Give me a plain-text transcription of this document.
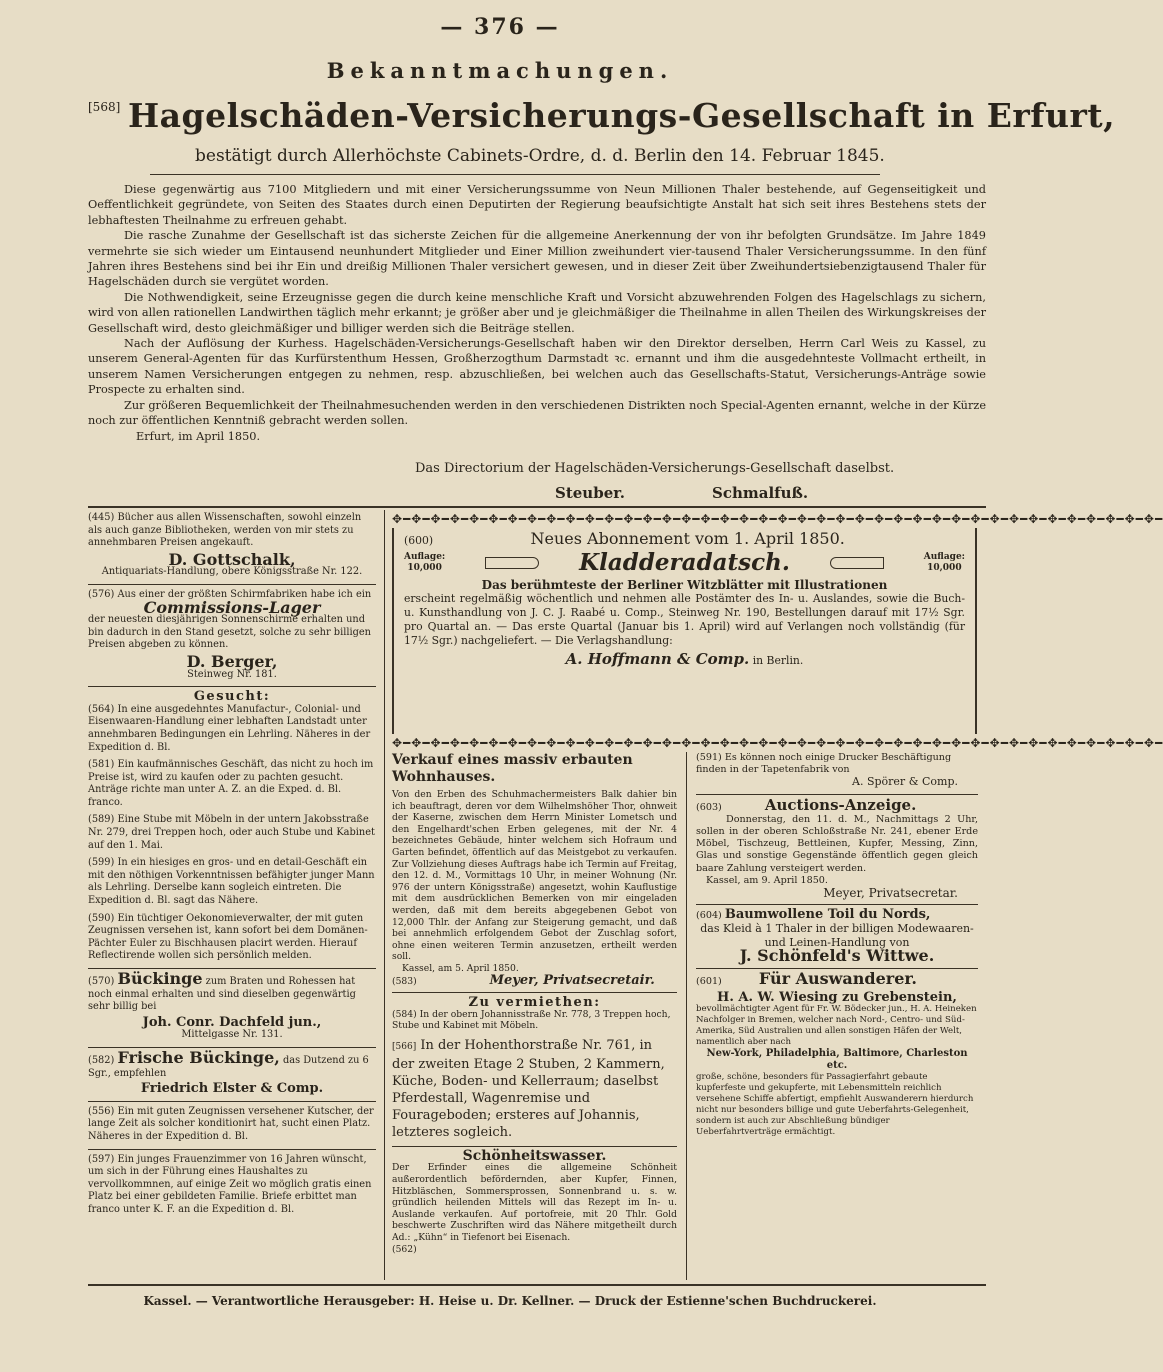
— 376 —
Bekanntmachungen.
[568] Hagelschäden-Versicherungs-Gesellschaft in Erfurt,
bestätigt durch Allerhöchste Cabinets-Ordre, d. d. Berlin den 14. Februar 1845.

Diese gegenwärtig aus 7100 Mitgliedern und mit einer Versicherungssumme von Neun Millionen Thaler bestehende, auf Gegenseitigkeit und Oeffentlichkeit gegründete, von Seiten des Staates durch einen Deputirten der Regierung beaufsichtigte Anstalt hat sich seit ihres Bestehens stets der lebhaftesten Theilnahme zu erfreuen gehabt.

Die rasche Zunahme der Gesellschaft ist das sicherste Zeichen für die allgemeine Anerkennung der von ihr befolgten Grundsätze. Im Jahre 1849 vermehrte sie sich wieder um Eintausend neunhundert Mitglieder und Einer Million zweihundert vier-tausend Thaler Versicherungssumme. In den fünf Jahren ihres Bestehens sind bei ihr Ein und dreißig Millionen Thaler versichert gewesen, und in dieser Zeit über Zweihundertsiebenzigtausend Thaler für Hagelschäden durch sie vergütet worden.

Die Nothwendigkeit, seine Erzeugnisse gegen die durch keine menschliche Kraft und Vorsicht abzuwehrenden Folgen des Hagelschlags zu sichern, wird von allen rationellen Landwirthen täglich mehr erkannt; je größer aber und je gleichmäßiger die Theilnahme in allen Theilen des Wirkungskreises der Gesellschaft wird, desto gleichmäßiger und billiger werden sich die Beiträge stellen.

Nach der Auflösung der Kurhess. Hagelschäden-Versicherungs-Gesellschaft haben wir den Direktor derselben, Herrn Carl Weis zu Kassel, zu unserem General-Agenten für das Kurfürstenthum Hessen, Großherzogthum Darmstadt ꝛc. ernannt und ihm die ausgedehnteste Vollmacht ertheilt, in unserem Namen Versicherungen entgegen zu nehmen, resp. abzuschließen, bei welchen auch das Gesellschafts-Statut, Versicherungs-Anträge sowie Prospecte zu erhalten sind.

Zur größeren Bequemlichkeit der Theilnahmesuchenden werden in den verschiedenen Distrikten noch Special-Agenten ernannt, welche in der Kürze noch zur öffentlichen Kenntniß gebracht werden sollen.

Erfurt, im April 1850.

Das Directorium der Hagelschäden-Versicherungs-Gesellschaft daselbst.
Steuber.	Schmalfuß.

(445) Bücher aus allen Wissenschaften, sowohl einzeln als auch ganze Bibliotheken, werden von mir stets zu annehmbaren Preisen angekauft.

D. Gottschalk,

Antiquariats-Handlung, obere Königsstraße Nr. 122.

(576) Aus einer der größten Schirmfabriken habe ich ein

Commissions-Lager

der neuesten diesjährigen Sonnenschirme erhalten und bin dadurch in den Stand gesetzt, solche zu sehr billigen Preisen abgeben zu können.

D. Berger,

Steinweg Nr. 181.

Gesucht:

(564) In eine ausgedehntes Manufactur-, Colonial- und Eisenwaaren-Handlung einer lebhaften Landstadt unter annehmbaren Bedingungen ein Lehrling. Näheres in der Expedition d. Bl.

(581) Ein kaufmännisches Geschäft, das nicht zu hoch im Preise ist, wird zu kaufen oder zu pachten gesucht. Anträge richte man unter A. Z. an die Exped. d. Bl. franco.

(589) Eine Stube mit Möbeln in der untern Jakobsstraße Nr. 279, drei Treppen hoch, oder auch Stube und Kabinet auf den 1. Mai.

(599) In ein hiesiges en gros- und en detail-Geschäft ein mit den nöthigen Vorkenntnissen befähigter junger Mann als Lehrling. Derselbe kann sogleich eintreten. Die Expedition d. Bl. sagt das Nähere.

(590) Ein tüchtiger Oekonomieverwalter, der mit guten Zeugnissen versehen ist, kann sofort bei dem Domänen-Pächter Euler zu Bischhausen placirt werden. Hierauf Reflectirende wollen sich persönlich melden.

(570) Bückinge zum Braten und Rohessen hat noch einmal erhalten und sind dieselben gegenwärtig sehr billig bei

Joh. Conr. Dachfeld jun.,

Mittelgasse Nr. 131.

(582) Frische Bückinge, das Dutzend zu 6 Sgr., empfehlen

Friedrich Elster & Comp.

(556) Ein mit guten Zeugnissen versehener Kutscher, der lange Zeit als solcher konditionirt hat, sucht einen Platz. Näheres in der Expedition d. Bl.

(597) Ein junges Frauenzimmer von 16 Jahren wünscht, um sich in der Führung eines Haushaltes zu vervollkommnen, auf einige Zeit wo möglich gratis einen Platz bei einer gebildeten Familie. Briefe erbittet man franco unter K. F. an die Expedition d. Bl.

✥━✥━✥━✥━✥━✥━✥━✥━✥━✥━✥━✥━✥━✥━✥━✥━✥━✥━✥━✥━✥━✥━✥━✥━✥━✥━✥━✥━✥━✥━✥━✥━✥━✥━✥━✥━✥━✥━✥━✥━

(600)	Neues Abonnement vom 1. April 1850.

Auflage:
10,000	Kladderadatsch.	Auflage:
10,000

Das berühmteste der Berliner Witzblätter mit Illustrationen

erscheint regelmäßig wöchentlich und nehmen alle Postämter des In- u. Auslandes, sowie die Buch- u. Kunsthandlung von J. C. J. Raabé u. Comp., Steinweg Nr. 190, Bestellungen darauf mit 17½ Sgr. pro Quartal an. — Das erste Quartal (Januar bis 1. April) wird auf Verlangen noch vollständig (für 17½ Sgr.) nachgeliefert. — Die Verlagshandlung:

A. Hoffmann & Comp. in Berlin.

✥━✥━✥━✥━✥━✥━✥━✥━✥━✥━✥━✥━✥━✥━✥━✥━✥━✥━✥━✥━✥━✥━✥━✥━✥━✥━✥━✥━✥━✥━✥━✥━✥━✥━✥━✥━✥━✥━✥━✥━

Verkauf eines massiv erbauten Wohnhauses.

Von den Erben des Schuhmachermeisters Balk dahier bin ich beauftragt, deren vor dem Wilhelmshöher Thor, ohnweit der Kaserne, zwischen dem Herrn Minister Lometsch und den Engelhardt'schen Erben gelegenes, mit der Nr. 4 bezeichnetes Gebäude, hinter welchem sich Hofraum und Garten befindet, öffentlich auf das Meistgebot zu verkaufen. Zur Vollziehung dieses Auftrags habe ich Termin auf Freitag, den 12. d. M., Vormittags 10 Uhr, in meiner Wohnung (Nr. 976 der untern Königsstraße) angesetzt, wohin Kauflustige mit dem ausdrücklichen Bemerken von mir eingeladen werden, daß mit dem bereits abgegebenen Gebot von 12,000 Thlr. der Anfang zur Steigerung gemacht, und daß bei annehmlich erfolgendem Gebot der Zuschlag sofort, ohne einen weiteren Termin anzusetzen, ertheilt werden soll.

Kassel, am 5. April 1850.

(583)	Meyer, Privatsecretair.

Zu vermiethen:

(584) In der obern Johannisstraße Nr. 778, 3 Treppen hoch, Stube und Kabinet mit Möbeln.

[566] In der Hohenthorstraße Nr. 761, in der zweiten Etage 2 Stuben, 2 Kammern, Küche, Boden- und Kellerraum; daselbst Pferdestall, Wagenremise und Fourageboden; ersteres auf Johannis, letzteres sogleich.

Schönheitswasser.

Der Erfinder eines die allgemeine Schönheit außerordentlich befördernden, aber Kupfer, Finnen, Hitzbläschen, Sommersprossen, Sonnenbrand u. s. w. gründlich heilenden Mittels will das Rezept im In- u. Auslande verkaufen. Auf portofreie, mit 20 Thlr. Gold beschwerte Zuschriften wird das Nähere mitgetheilt durch Ad.: „Kühn“ in Tiefenort bei Eisenach.

(562)

(591) Es können noch einige Drucker Beschäftigung finden in der Tapetenfabrik von

A. Spörer & Comp.

(603)	Auctions-Anzeige.

Donnerstag, den 11. d. M., Nachmittags 2 Uhr, sollen in der oberen Schloßstraße Nr. 241, ebener Erde Möbel, Tischzeug, Bettleinen, Kupfer, Messing, Zinn, Glas und sonstige Gegenstände öffentlich gegen gleich baare Zahlung versteigert werden.

Kassel, am 9. April 1850.

Meyer, Privatsecretar.

(604) Baumwollene Toil du Nords,

das Kleid à 1 Thaler in der billigen Modewaaren- und Leinen-Handlung von

J. Schönfeld's Wittwe.

(601) Für Auswanderer.

H. A. W. Wiesing zu Grebenstein,

bevollmächtigter Agent für Fr. W. Bödecker jun., H. A. Heineken Nachfolger in Bremen, welcher nach Nord-, Centro- und Süd-Amerika, Süd Australien und allen sonstigen Häfen der Welt, namentlich aber nach

New-York, Philadelphia, Baltimore, Charleston etc.

große, schöne, besonders für Passagierfahrt gebaute kupferfeste und gekupferte, mit Lebensmitteln reichlich versehene Schiffe abfertigt, empfiehlt Auswanderern hierdurch nicht nur besonders billige und gute Ueberfahrts-Gelegenheit, sondern ist auch zur Abschließung bündiger Ueberfahrtverträge ermächtigt.

Kassel. — Verantwortliche Herausgeber: H. Heise u. Dr. Kellner. — Druck der Estienne'schen Buchdruckerei.
